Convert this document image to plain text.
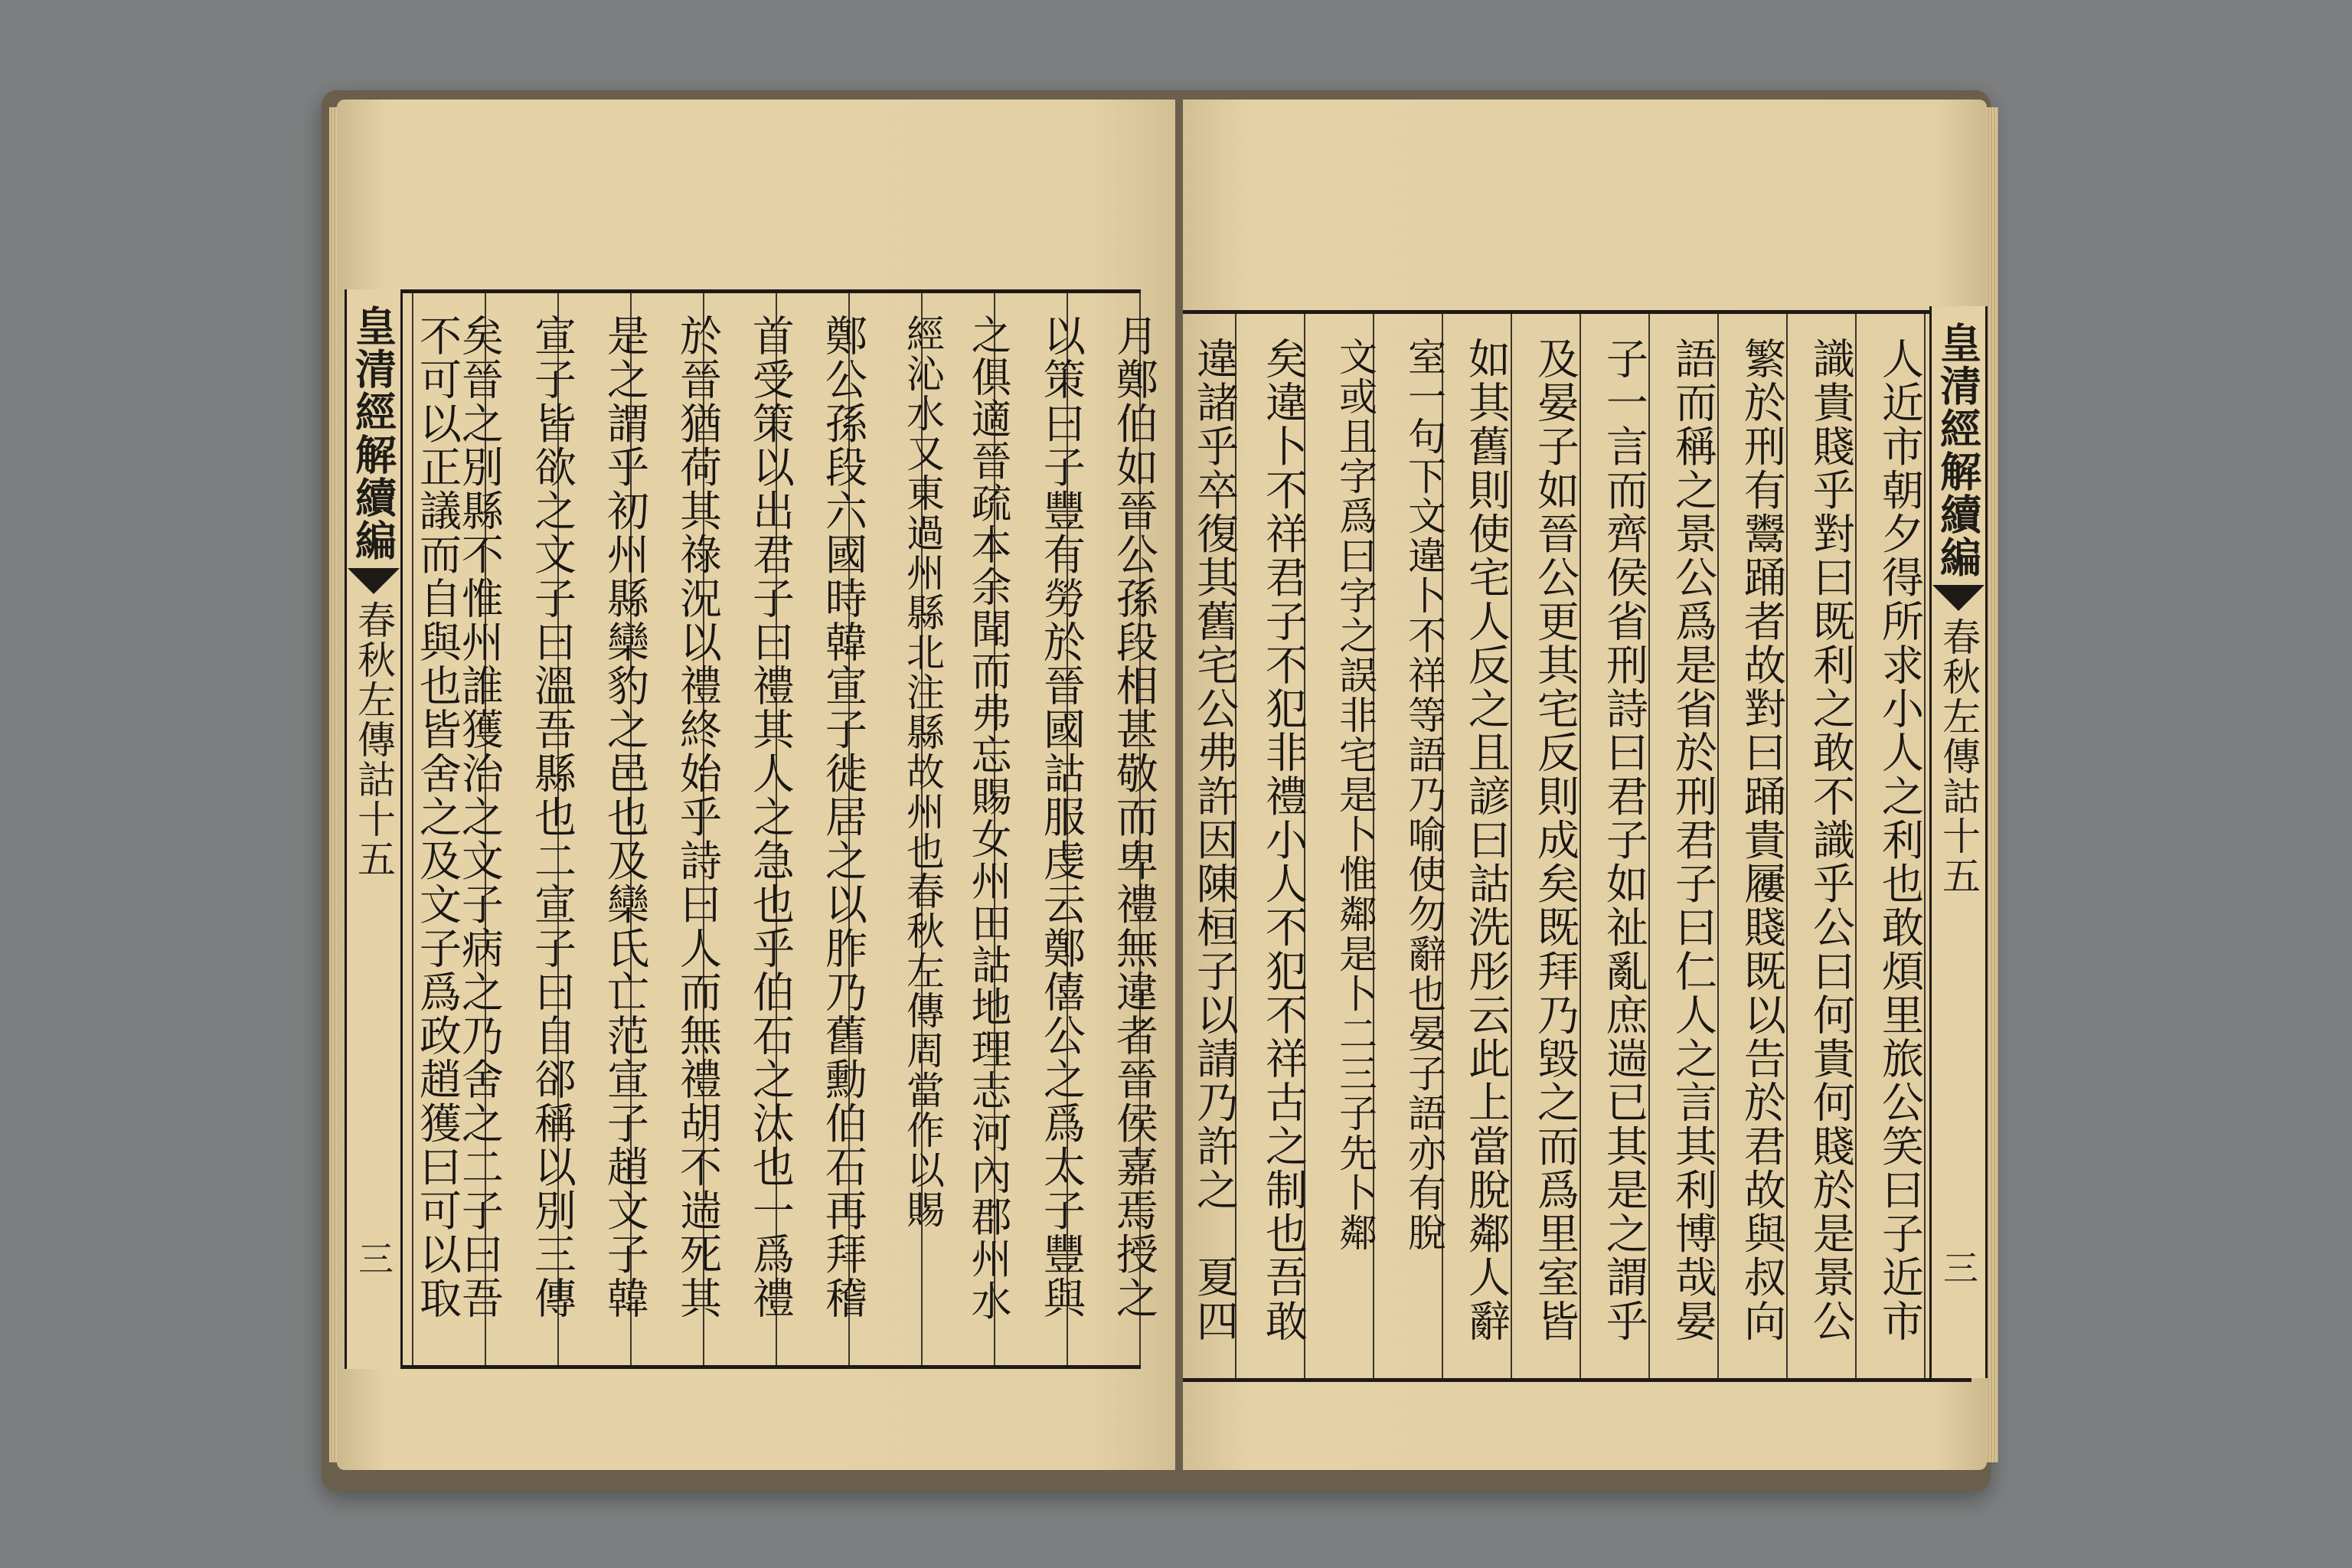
皇清經解續編
春秋左傳詁十五
三	月鄭伯如晉公孫段相甚敬而卑禮無違者晉侯嘉焉授之
以策曰子豐有勞於晉國詁服虔云鄭僖公之爲太子豐與
之俱適晉疏本余聞而弗忘賜女州田詁地理志河內郡州水
經沁水又東過州縣北注縣故州也春秋左傳周當作以賜
鄭公孫段六國時韓宣子徙居之以胙乃舊勳伯石再拜稽
首受策以出君子曰禮其人之急也乎伯石之汰也一爲禮
於晉猶荷其祿況以禮終始乎詩曰人而無禮胡不遄死其
是之謂乎初州縣欒豹之邑也及欒氏亡范宣子趙文子韓
宣子皆欲之文子曰溫吾縣也二宣子曰自郤稱以別三傳
矣晉之別縣不惟州誰獲治之文子病之乃舍之二子曰吾
不可以正議而自與也皆舍之及文子爲政趙獲曰可以取	皇清經解續編
春秋左傳詁十五
三
人近市朝夕得所求小人之利也敢煩里旅公笑曰子近市
識貴賤乎對曰既利之敢不識乎公曰何貴何賤於是景公
繁於刑有鬻踊者故對曰踊貴屨賤既以告於君故與叔向
語而稱之景公爲是省於刑君子曰仁人之言其利博哉晏
子一言而齊侯省刑詩曰君子如祉亂庶遄已其是之謂乎
及晏子如晉公更其宅反則成矣既拜乃毀之而爲里室皆
如其舊則使宅人反之且諺曰詁洗彤云此上當脫鄰人辭
室一句下文違卜不祥等語乃喻使勿辭也晏子語亦有脫
文或且字爲曰字之誤非宅是卜惟鄰是卜二三子先卜鄰
矣違卜不祥君子不犯非禮小人不犯不祥古之制也吾敢
違諸乎卒復其舊宅公弗許因陳桓子以請乃許之　夏四
